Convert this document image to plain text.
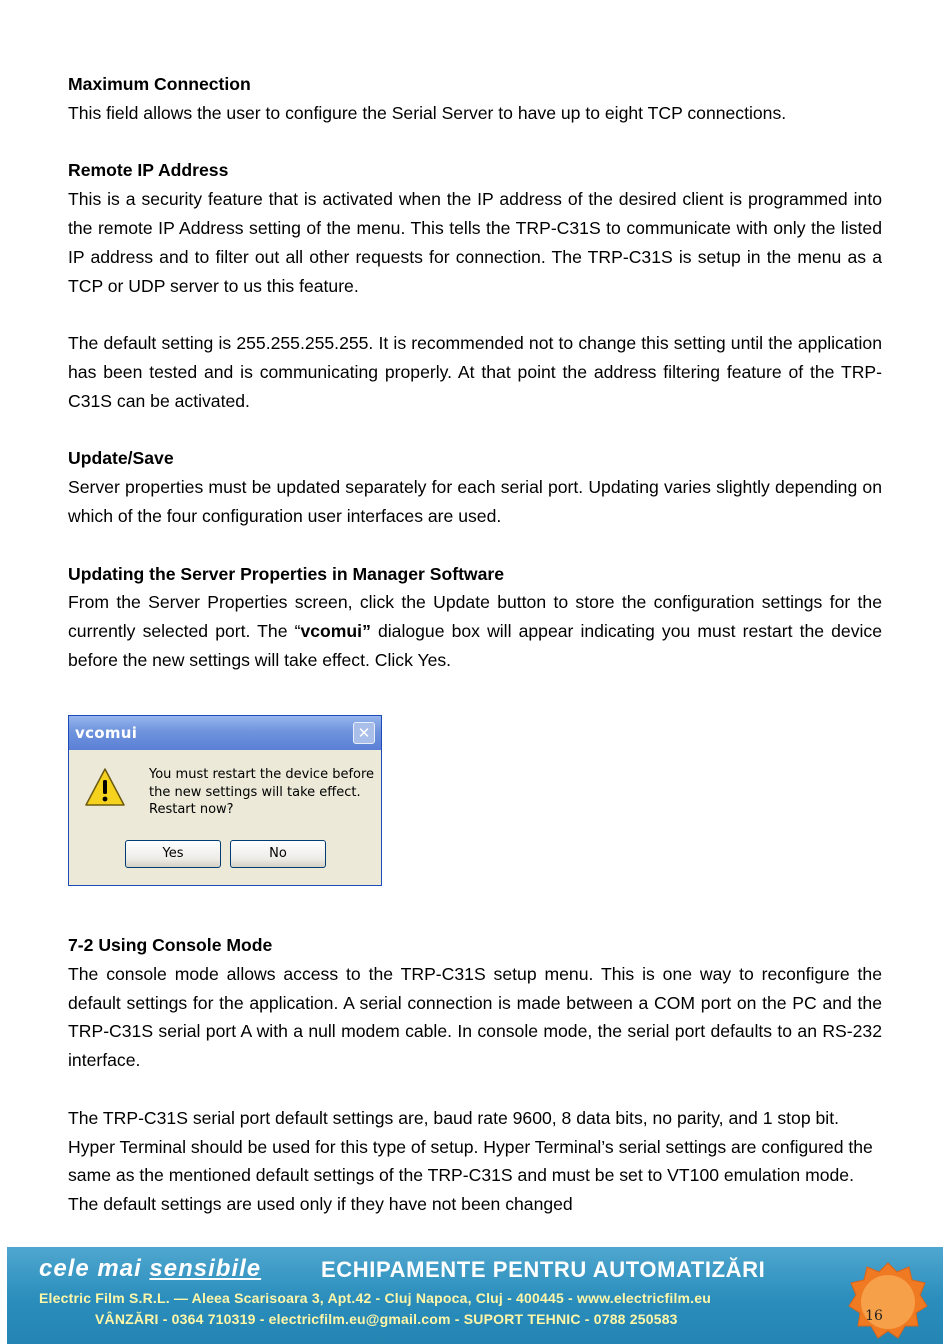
Maximum Connection
This field allows the user to configure the Serial Server to have up to eight TCP connections.
Remote IP Address
This is a security feature that is activated when the IP address of the desired client is programmed into the remote IP Address setting of the menu. This tells the TRP-C31S to communicate with only the listed IP address and to filter out all other requests for connection. The TRP-C31S is setup in the menu as a TCP or UDP server to us this feature.
The default setting is 255.255.255.255. It is recommended not to change this setting until the application has been tested and is communicating properly. At that point the address filtering feature of the TRP-C31S can be activated.
Update/Save
Server properties must be updated separately for each serial port. Updating varies slightly depending on which of the four configuration user interfaces are used.
Updating the Server Properties in Manager Software
From the Server Properties screen, click the Update button to store the configuration settings for the currently selected port. The “vcomui” dialogue box will appear indicating you must restart the device before the new settings will take effect. Click Yes.
vcomui	✕
You must restart the device before
the new settings will take effect.
Restart now?
Yes	No
7-2 Using Console Mode
The console mode allows access to the TRP-C31S setup menu. This is one way to reconfigure the default settings for the application. A serial connection is made between a COM port on the PC and the TRP-C31S serial port A with a null modem cable. In console mode, the serial port defaults to an RS-232 interface.
The TRP-C31S serial port default settings are, baud rate 9600, 8 data bits, no parity, and 1 stop bit. Hyper Terminal should be used for this type of setup. Hyper Terminal’s serial settings are configured the same as the mentioned default settings of the TRP-C31S and must be set to VT100 emulation mode. The default settings are used only if they have not been changed
cele mai sensibile	ECHIPAMENTE PENTRU AUTOMATIZĂRI
Electric Film S.R.L. — Aleea Scarisoara 3, Apt.42 - Cluj Napoca, Cluj - 400445 - www.electricfilm.eu
VÂNZĂRI - 0364 710319 - electricfilm.eu@gmail.com - SUPORT TEHNIC - 0788 250583	16
